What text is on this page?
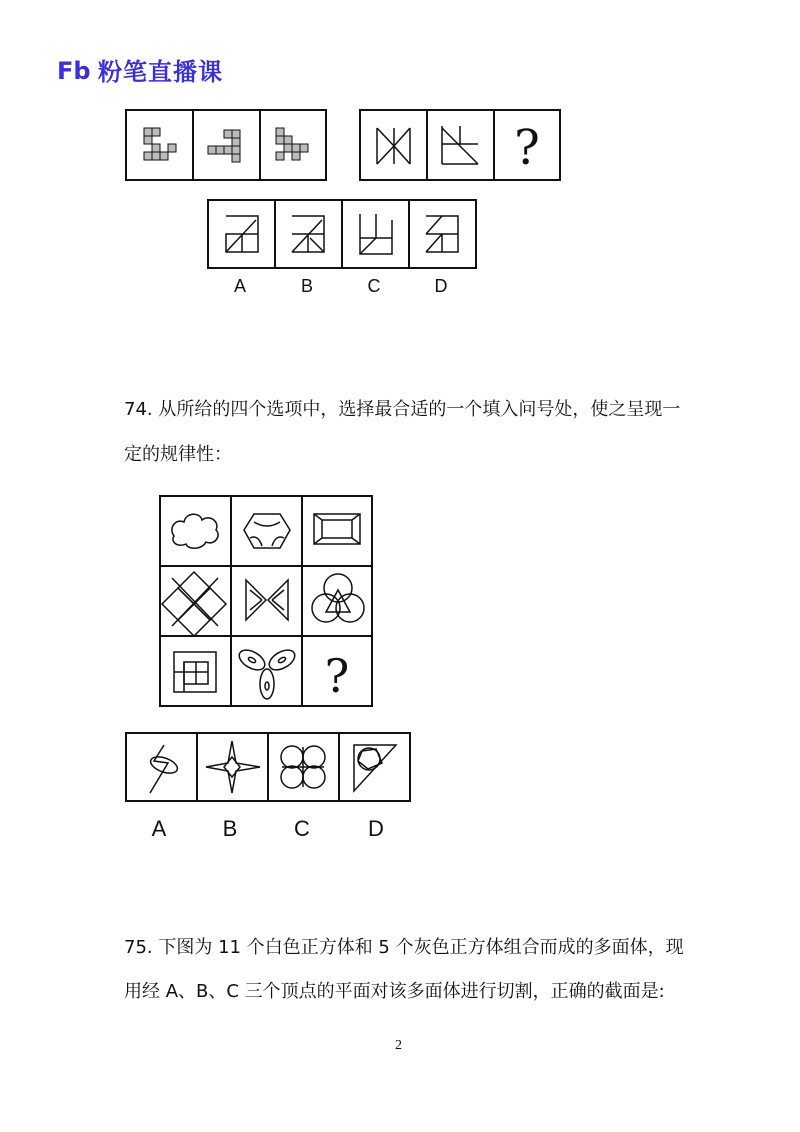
Fb 粉笔直播课
?
A	B	C	D
74. 从所给的四个选项中，选择最合适的一个填入问号处，使之呈现一
定的规律性：
?
A	B	C	D
75. 下图为 11 个白色正方体和 5 个灰色正方体组合而成的多面体，现
用经 A、B、C 三个顶点的平面对该多面体进行切割，正确的截面是:
2
